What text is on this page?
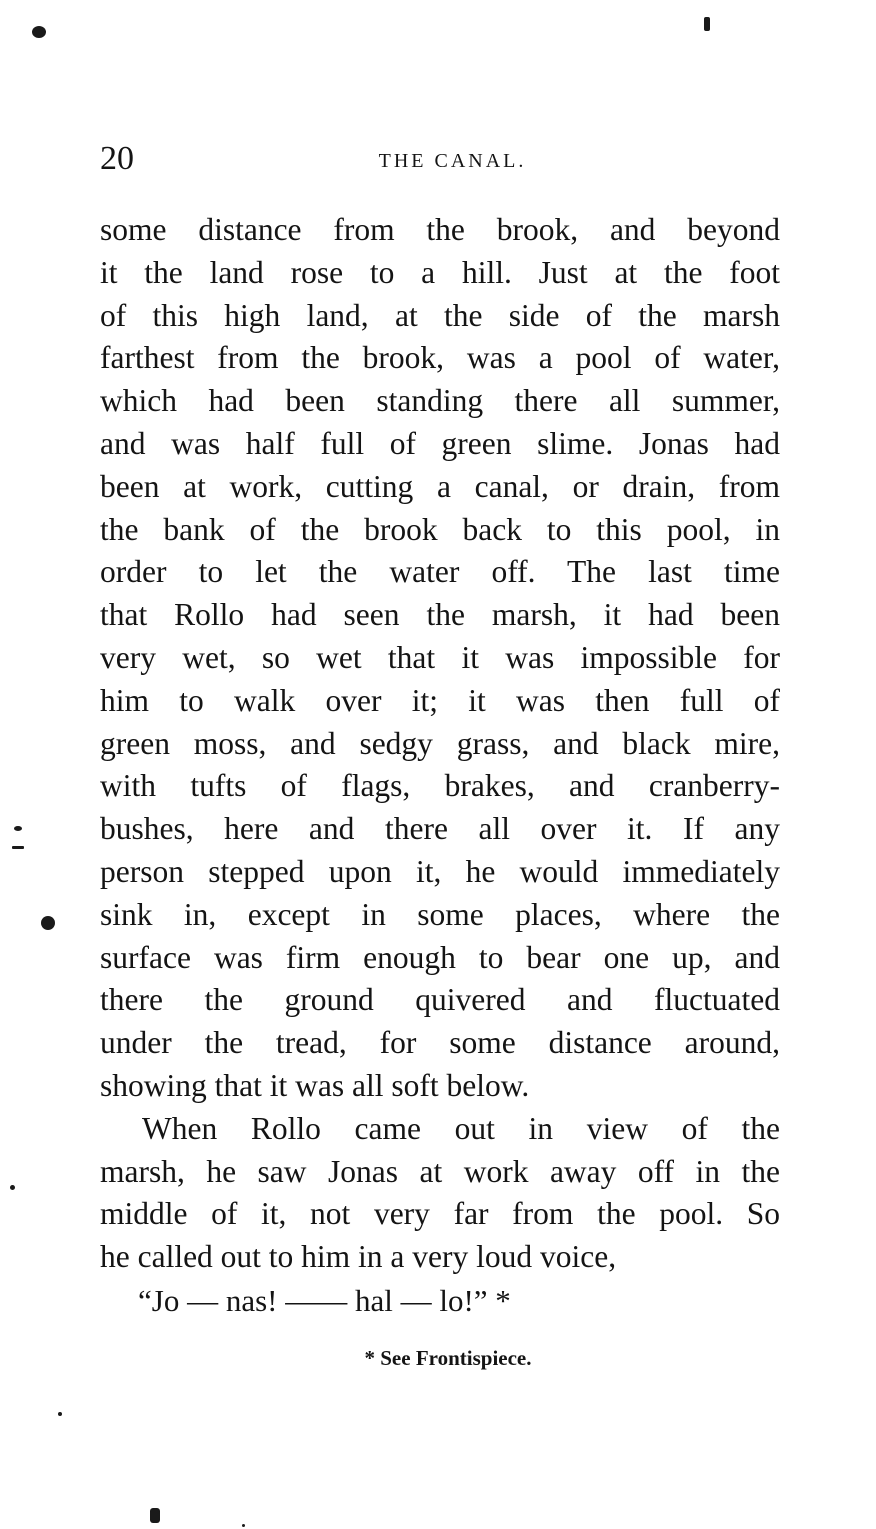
20	THE CANAL.
some distance from the brook, and beyond
it the land rose to a hill. Just at the foot
of this high land, at the side of the marsh
farthest from the brook, was a pool of water,
which had been standing there all summer,
and was half full of green slime. Jonas had
been at work, cutting a canal, or drain, from
the bank of the brook back to this pool, in
order to let the water off. The last time
that Rollo had seen the marsh, it had been
very wet, so wet that it was impossible for
him to walk over it; it was then full of
green moss, and sedgy grass, and black mire,
with tufts of flags, brakes, and cranberry-
bushes, here and there all over it. If any
person stepped upon it, he would immediately
sink in, except in some places, where the
surface was firm enough to bear one up, and
there the ground quivered and fluctuated
under the tread, for some distance around,
showing that it was all soft below.
When Rollo came out in view of the
marsh, he saw Jonas at work away off in the
middle of it, not very far from the pool. So
he called out to him in a very loud voice,
“Jo — nas! —— hal — lo!” *
* See Frontispiece.
